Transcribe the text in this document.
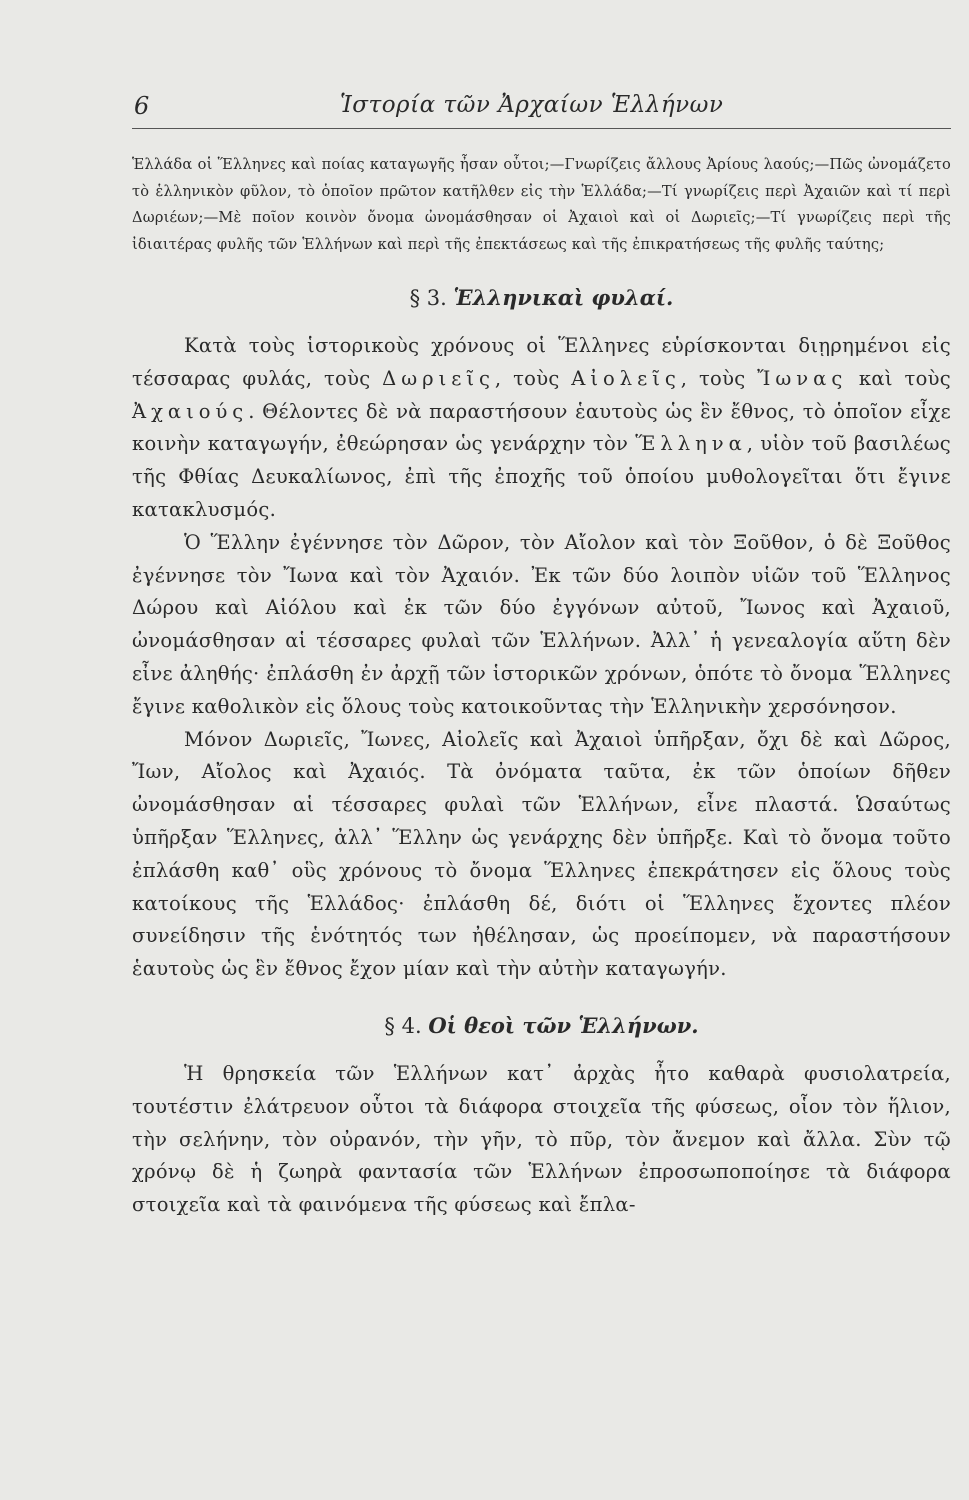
6	Ἱστορία τῶν Ἀρχαίων Ἑλλήνων

Ἑλλάδα οἱ Ἕλληνες καὶ ποίας καταγωγῆς ἦσαν οὗτοι;—Γνωρίζεις ἄλλους Ἀρίους λαούς;—Πῶς ὠνομάζετο τὸ ἑλληνικὸν φῦλον, τὸ ὁποῖον πρῶτον κατῆλθεν εἰς τὴν Ἑλλάδα;—Τί γνωρίζεις περὶ Ἀχαιῶν καὶ τί περὶ Δωριέων;—Μὲ ποῖον κοινὸν ὄνομα ὠνομάσθησαν οἱ Ἀχαιοὶ καὶ οἱ Δωριεῖς;—Τί γνωρίζεις περὶ τῆς ἰδιαιτέρας φυλῆς τῶν Ἑλλήνων καὶ περὶ τῆς ἐπεκτάσεως καὶ τῆς ἐπικρατήσεως τῆς φυλῆς ταύτης;

§ 3. Ἑλληνικαὶ φυλαί.

Κατὰ τοὺς ἱστορικοὺς χρόνους οἱ Ἕλληνες εὑρίσκονται διῃρημένοι εἰς τέσσαρας φυλάς, τοὺς Δωριεῖς, τοὺς Αἰολεῖς, τοὺς Ἴωνας καὶ τοὺς Ἀχαιούς. Θέλοντες δὲ νὰ παραστήσουν ἑαυτοὺς ὡς ἓν ἔθνος, τὸ ὁποῖον εἶχε κοινὴν καταγωγήν, ἐθεώρησαν ὡς γενάρχην τὸν Ἕλληνα, υἱὸν τοῦ βασιλέως τῆς Φθίας Δευκαλίωνος, ἐπὶ τῆς ἐποχῆς τοῦ ὁποίου μυθολογεῖται ὅτι ἔγινε κατακλυσμός.

Ὁ Ἕλλην ἐγέννησε τὸν Δῶρον, τὸν Αἴολον καὶ τὸν Ξοῦθον, ὁ δὲ Ξοῦθος ἐγέννησε τὸν Ἴωνα καὶ τὸν Ἀχαιόν. Ἐκ τῶν δύο λοιπὸν υἱῶν τοῦ Ἕλληνος Δώρου καὶ Αἰόλου καὶ ἐκ τῶν δύο ἐγγόνων αὐτοῦ, Ἴωνος καὶ Ἀχαιοῦ, ὠνομάσθησαν αἱ τέσσαρες φυλαὶ τῶν Ἑλλήνων. Ἀλλ᾽ ἡ γενεαλογία αὕτη δὲν εἶνε ἀληθής· ἐπλάσθη ἐν ἀρχῇ τῶν ἱστορικῶν χρόνων, ὁπότε τὸ ὄνομα Ἕλληνες ἔγινε καθολικὸν εἰς ὅλους τοὺς κατοικοῦντας τὴν Ἑλληνικὴν χερσόνησον.

Μόνον Δωριεῖς, Ἴωνες, Αἰολεῖς καὶ Ἀχαιοὶ ὑπῆρξαν, ὄχι δὲ καὶ Δῶρος, Ἴων, Αἴολος καὶ Ἀχαιός. Τὰ ὀνόματα ταῦτα, ἐκ τῶν ὁποίων δῆθεν ὠνομάσθησαν αἱ τέσσαρες φυλαὶ τῶν Ἑλλήνων, εἶνε πλαστά. Ὡσαύτως ὑπῆρξαν Ἕλληνες, ἀλλ᾽ Ἕλλην ὡς γενάρχης δὲν ὑπῆρξε. Καὶ τὸ ὄνομα τοῦτο ἐπλάσθη καθ᾽ οὓς χρόνους τὸ ὄνομα Ἕλληνες ἐπεκράτησεν εἰς ὅλους τοὺς κατοίκους τῆς Ἑλλάδος· ἐπλάσθη δέ, διότι οἱ Ἕλληνες ἔχοντες πλέον συνείδησιν τῆς ἑνότητός των ἠθέλησαν, ὡς προείπομεν, νὰ παραστήσουν ἑαυτοὺς ὡς ἓν ἔθνος ἔχον μίαν καὶ τὴν αὐτὴν καταγωγήν.

§ 4. Οἱ θεοὶ τῶν Ἑλλήνων.

Ἡ θρησκεία τῶν Ἑλλήνων κατ᾽ ἀρχὰς ἦτο καθαρὰ φυσιολατρεία, τουτέστιν ἐλάτρευον οὗτοι τὰ διάφορα στοιχεῖα τῆς φύσεως, οἷον τὸν ἥλιον, τὴν σελήνην, τὸν οὐρανόν, τὴν γῆν, τὸ πῦρ, τὸν ἄνεμον καὶ ἄλλα. Σὺν τῷ χρόνῳ δὲ ἡ ζωηρὰ φαντασία τῶν Ἑλλήνων ἐπροσωποποίησε τὰ διάφορα στοιχεῖα καὶ τὰ φαινόμενα τῆς φύσεως καὶ ἔπλα-
